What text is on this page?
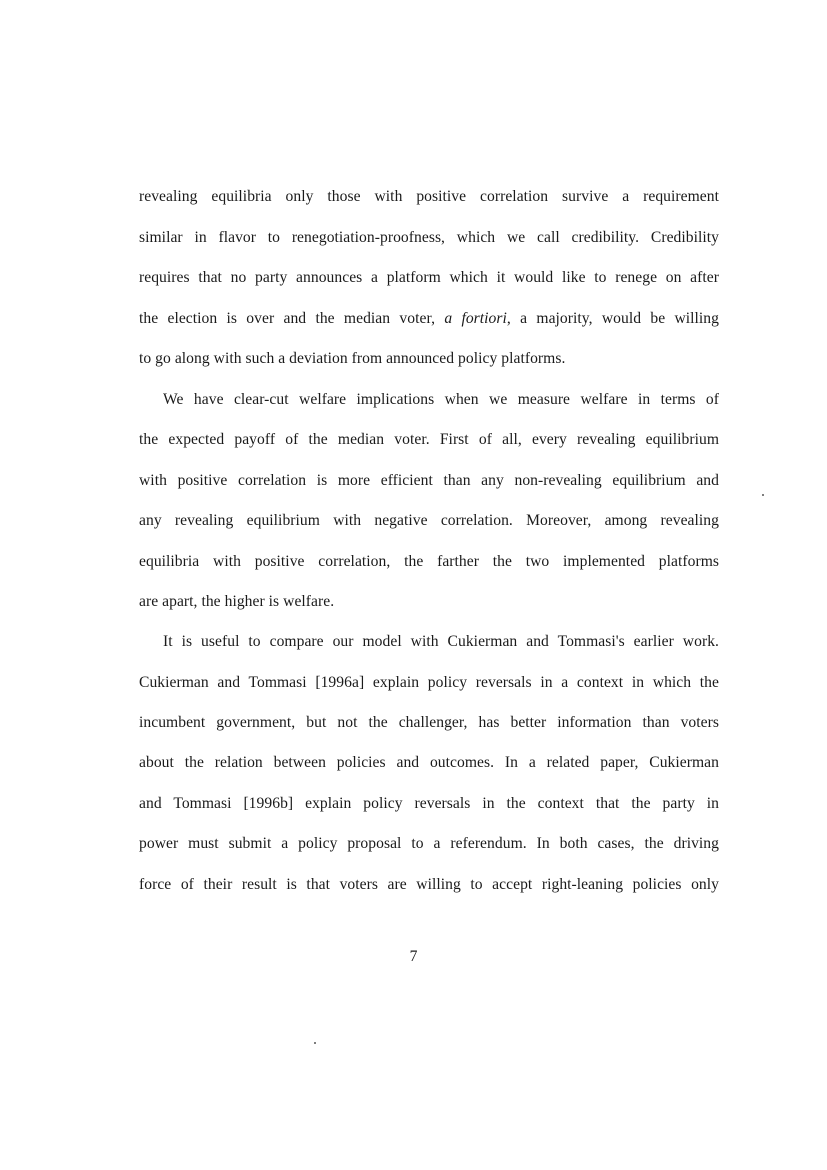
revealing equilibria only those with positive correlation survive a requirement
similar in flavor to renegotiation-proofness, which we call credibility. Credibility
requires that no party announces a platform which it would like to renege on after
the election is over and the median voter, a fortiori, a majority, would be willing
to go along with such a deviation from announced policy platforms.
We have clear-cut welfare implications when we measure welfare in terms of
the expected payoff of the median voter. First of all, every revealing equilibrium
with positive correlation is more efficient than any non-revealing equilibrium and
any revealing equilibrium with negative correlation. Moreover, among revealing
equilibria with positive correlation, the farther the two implemented platforms
are apart, the higher is welfare.
It is useful to compare our model with Cukierman and Tommasi's earlier work.
Cukierman and Tommasi [1996a] explain policy reversals in a context in which the
incumbent government, but not the challenger, has better information than voters
about the relation between policies and outcomes. In a related paper, Cukierman
and Tommasi [1996b] explain policy reversals in the context that the party in
power must submit a policy proposal to a referendum. In both cases, the driving
force of their result is that voters are willing to accept right-leaning policies only
7
